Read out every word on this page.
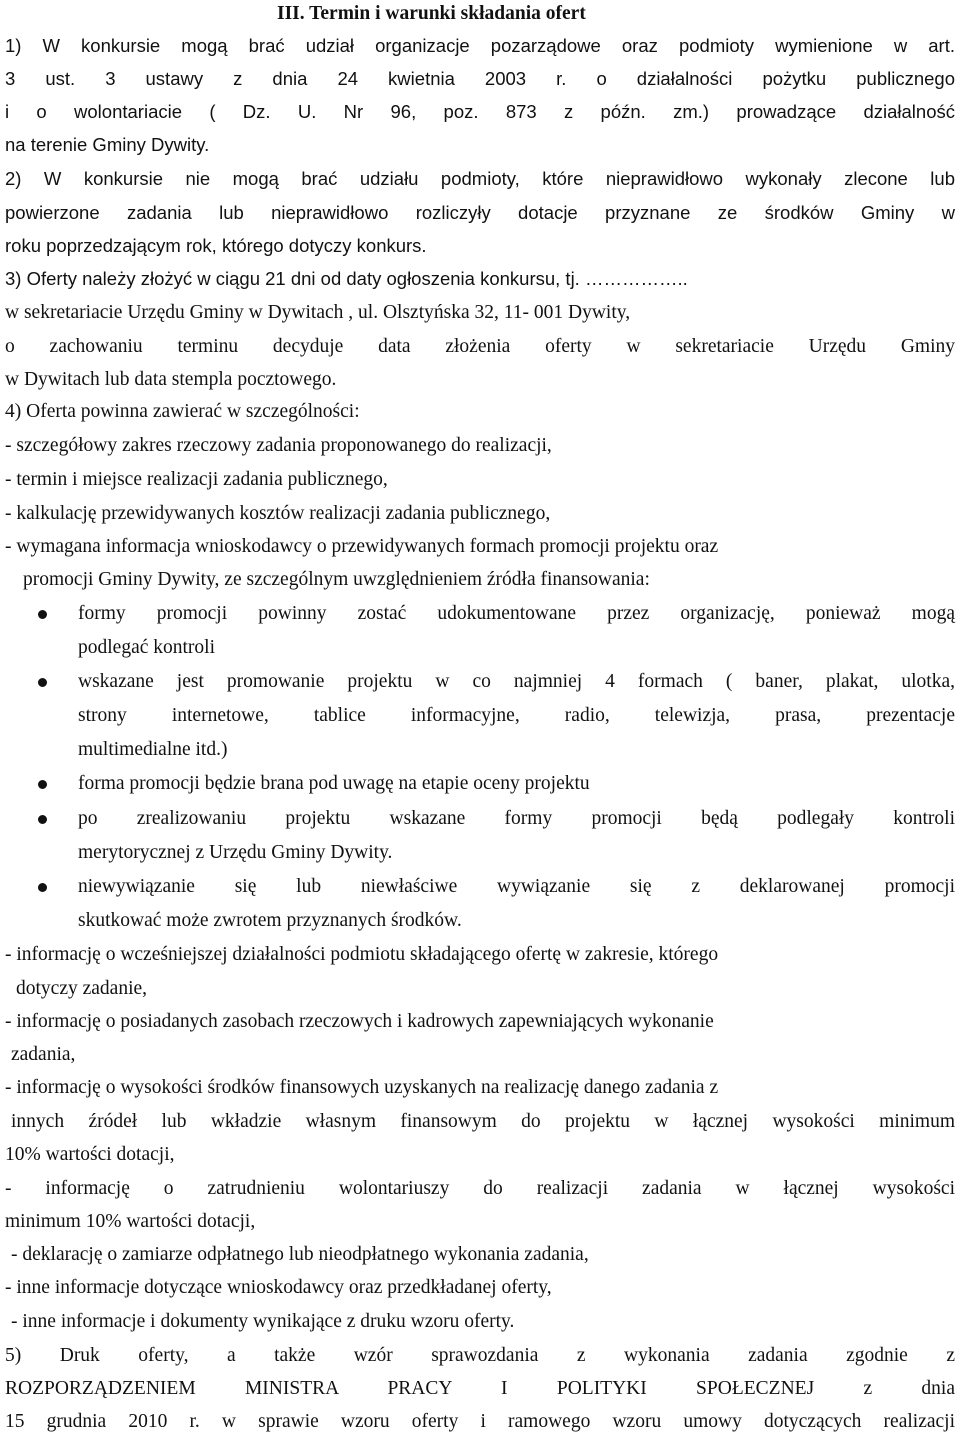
III. Termin i warunki składania ofert
1) W konkursie mogą brać udział organizacje pozarządowe oraz podmioty wymienione w art.
3 ust. 3 ustawy z dnia 24 kwietnia 2003 r. o działalności pożytku publicznego
i o wolontariacie ( Dz. U. Nr 96, poz. 873 z późn. zm.) prowadzące działalność
na terenie Gminy Dywity.
2) W konkursie nie mogą brać udziału podmioty, które nieprawidłowo wykonały zlecone lub
powierzone zadania lub nieprawidłowo rozliczyły dotacje przyznane ze środków Gminy w
roku poprzedzającym rok, którego dotyczy konkurs.
3) Oferty należy złożyć w ciągu 21 dni od daty ogłoszenia konkursu, tj. ……………..
w sekretariacie Urzędu Gminy w Dywitach , ul. Olsztyńska 32, 11- 001 Dywity,
o zachowaniu terminu decyduje data złożenia oferty w sekretariacie Urzędu Gminy
w Dywitach lub data stempla pocztowego.
4) Oferta powinna zawierać w szczególności:
- szczegółowy zakres rzeczowy zadania proponowanego do realizacji,
- termin i miejsce realizacji zadania publicznego,
- kalkulację przewidywanych kosztów realizacji zadania publicznego,
- wymagana informacja wnioskodawcy o przewidywanych formach promocji projektu oraz
promocji Gminy Dywity, ze szczególnym uwzględnieniem źródła finansowania:
formy promocji powinny zostać udokumentowane przez organizację, ponieważ mogą
podlegać kontroli
wskazane jest promowanie projektu w co najmniej 4 formach ( baner, plakat, ulotka,
strony internetowe, tablice informacyjne, radio, telewizja, prasa, prezentacje
multimedialne itd.)
forma promocji będzie brana pod uwagę na etapie oceny projektu
po zrealizowaniu projektu wskazane formy promocji będą podlegały kontroli
merytorycznej z Urzędu Gminy Dywity.
niewywiązanie się lub niewłaściwe wywiązanie się z deklarowanej promocji
skutkować może zwrotem przyznanych środków.
- informację o wcześniejszej działalności podmiotu składającego ofertę w zakresie, którego
dotyczy zadanie,
- informację o posiadanych zasobach rzeczowych i kadrowych zapewniających wykonanie
zadania,
- informację o wysokości środków finansowych uzyskanych na realizację danego zadania z
innych źródeł lub wkładzie własnym finansowym do projektu w łącznej wysokości minimum
10% wartości dotacji,
- informację o zatrudnieniu wolontariuszy do realizacji zadania w łącznej wysokości
minimum 10% wartości dotacji,
- deklarację o zamiarze odpłatnego lub nieodpłatnego wykonania zadania,
- inne informacje dotyczące wnioskodawcy oraz przedkładanej oferty,
- inne informacje i dokumenty wynikające z druku wzoru oferty.
5) Druk oferty, a także wzór sprawozdania z wykonania zadania zgodnie z
ROZPORZĄDZENIEM MINISTRA PRACY I POLITYKI SPOŁECZNEJ z dnia
15 grudnia 2010 r. w sprawie wzoru oferty i ramowego wzoru umowy dotyczących realizacji
